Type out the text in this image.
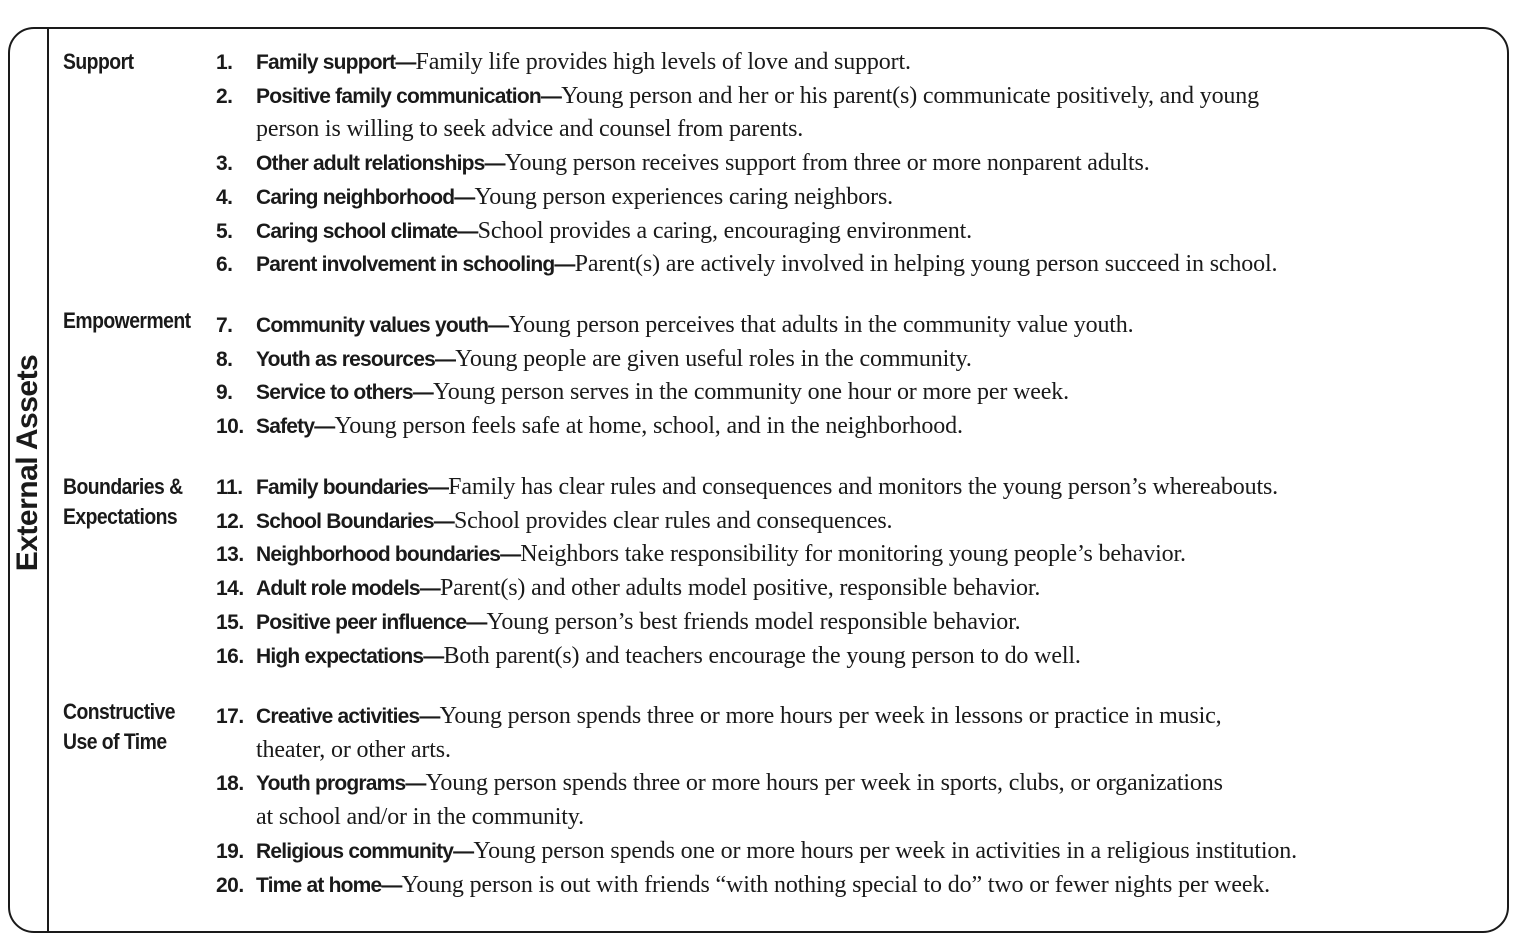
External Assets
Support	1. Family support—Family life provides high levels of love and support.
2. Positive family communication—Young person and her or his parent(s) communicate positively, and young
person is willing to seek advice and counsel from parents.
3. Other adult relationships—Young person receives support from three or more nonparent adults.
4. Caring neighborhood—Young person experiences caring neighbors.
5. Caring school climate—School provides a caring, encouraging environment.
6. Parent involvement in schooling—Parent(s) are actively involved in helping young person succeed in school.
Empowerment 7. Community values youth—Young person perceives that adults in the community value youth.
8. Youth as resources—Young people are given useful roles in the community.
9. Service to others—Young person serves in the community one hour or more per week.
10. Safety—Young person feels safe at home, school, and in the neighborhood.
Boundaries &
Expectations
11. Family boundaries—Family has clear rules and consequences and monitors the young person’s whereabouts.
12. School Boundaries—School provides clear rules and consequences.
13. Neighborhood boundaries—Neighbors take responsibility for monitoring young people’s behavior.
14. Adult role models—Parent(s) and other adults model positive, responsible behavior.
15. Positive peer influence—Young person’s best friends model responsible behavior.
16. High expectations—Both parent(s) and teachers encourage the young person to do well.
Constructive
Use of Time
17. Creative activities—Young person spends three or more hours per week in lessons or practice in music,
theater, or other arts.
18. Youth programs—Young person spends three or more hours per week in sports, clubs, or organizations
at school and/or in the community.
19. Religious community—Young person spends one or more hours per week in activities in a religious institution.
20. Time at home—Young person is out with friends “with nothing special to do” two or fewer nights per week.
